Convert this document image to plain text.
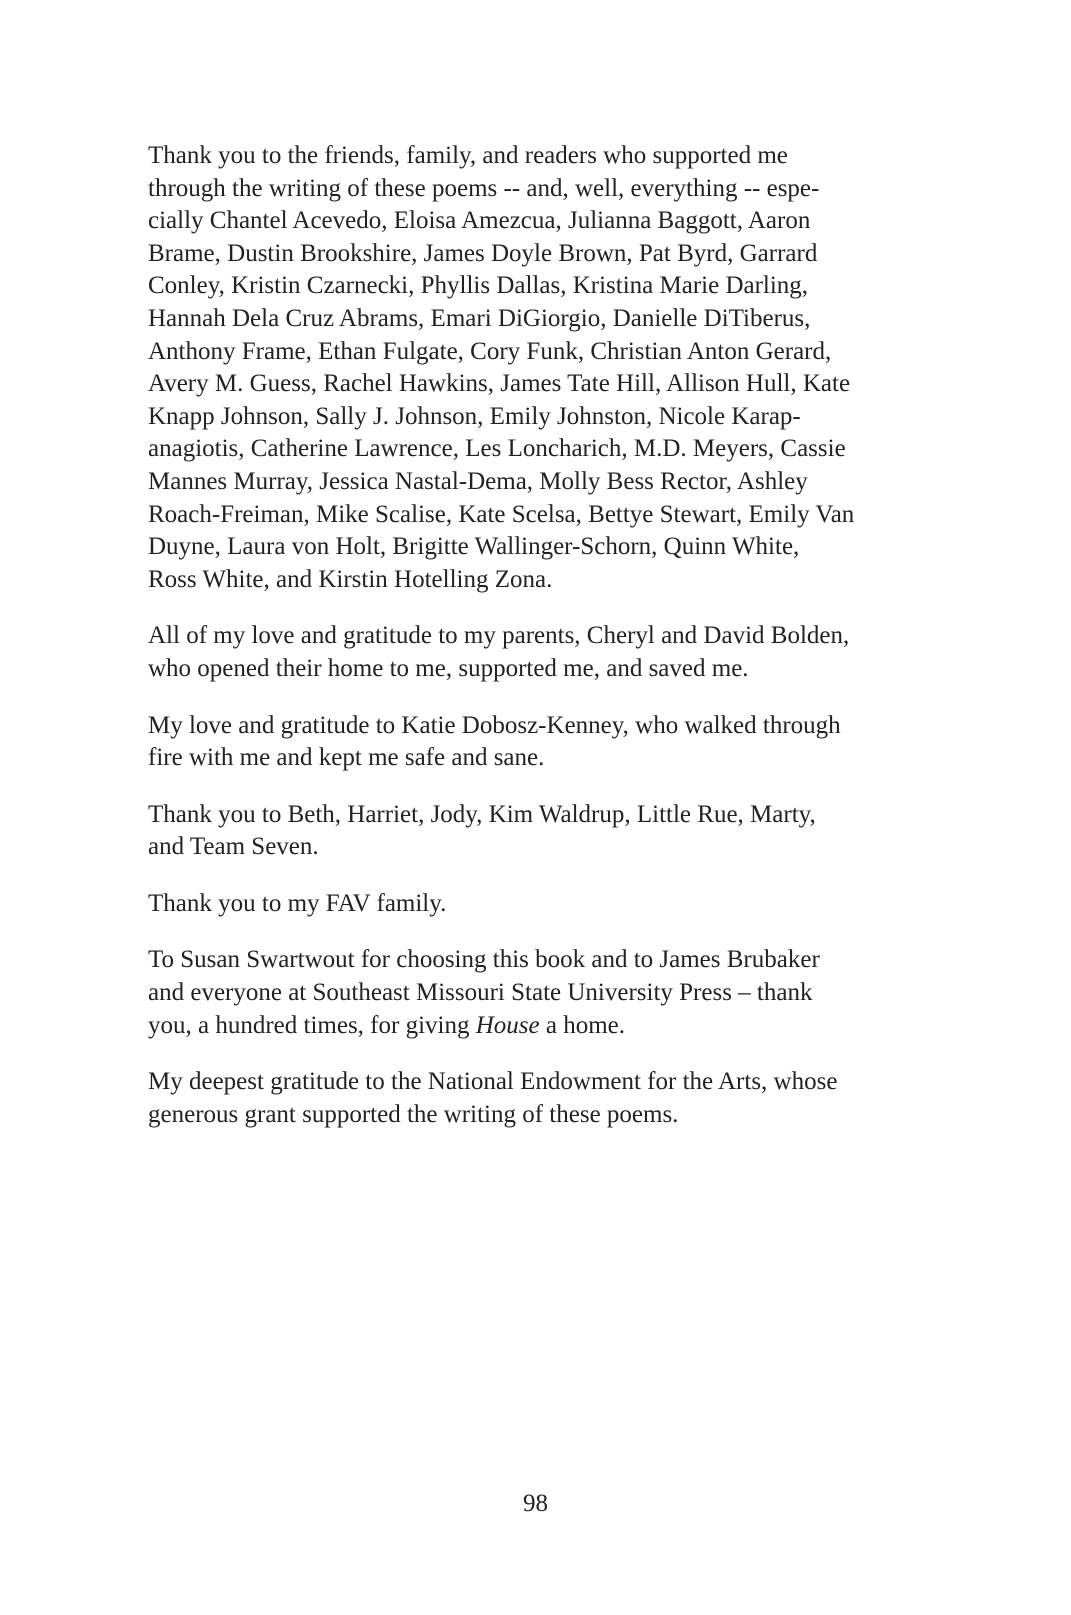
Thank you to the friends, family, and readers who supported me
through the writing of these poems -- and, well, everything -- espe-
cially Chantel Acevedo, Eloisa Amezcua, Julianna Baggott, Aaron
Brame, Dustin Brookshire, James Doyle Brown, Pat Byrd, Garrard
Conley, Kristin Czarnecki, Phyllis Dallas, Kristina Marie Darling,
Hannah Dela Cruz Abrams, Emari DiGiorgio, Danielle DiTiberus,
Anthony Frame, Ethan Fulgate, Cory Funk, Christian Anton Gerard,
Avery M. Guess, Rachel Hawkins, James Tate Hill, Allison Hull, Kate
Knapp Johnson, Sally J. Johnson, Emily Johnston, Nicole Karap-
anagiotis, Catherine Lawrence, Les Loncharich, M.D. Meyers, Cassie
Mannes Murray, Jessica Nastal-Dema, Molly Bess Rector, Ashley
Roach-Freiman, Mike Scalise, Kate Scelsa, Bettye Stewart, Emily Van
Duyne, Laura von Holt, Brigitte Wallinger-Schorn, Quinn White,
Ross White, and Kirstin Hotelling Zona.

All of my love and gratitude to my parents, Cheryl and David Bolden,
who opened their home to me, supported me, and saved me.

My love and gratitude to Katie Dobosz-Kenney, who walked through
fire with me and kept me safe and sane.

Thank you to Beth, Harriet, Jody, Kim Waldrup, Little Rue, Marty,
and Team Seven.

Thank you to my FAV family.

To Susan Swartwout for choosing this book and to James Brubaker
and everyone at Southeast Missouri State University Press – thank
you, a hundred times, for giving House a home.

My deepest gratitude to the National Endowment for the Arts, whose
generous grant supported the writing of these poems.

98
